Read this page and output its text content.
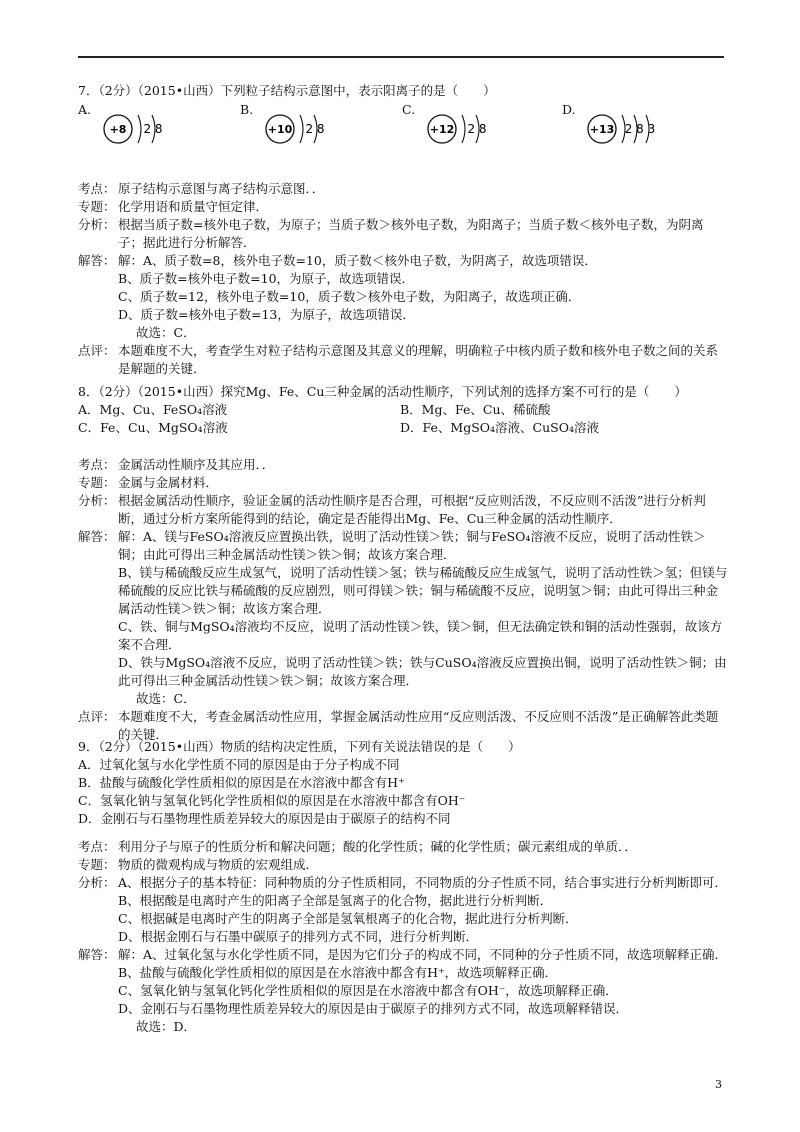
7．（2分）（2015•山西）下列粒子结构示意图中，表示阳离子的是（　　）
A.
+8 2 8
B.
+10 2 8
C.
+12 2 8
D.
+13 2 8 3
考点： 原子结构示意图与离子结构示意图．．
专题： 化学用语和质量守恒定律．
分析： 根据当质子数=核外电子数，为原子；当质子数＞核外电子数，为阳离子；当质子数＜核外电子数，为阴离子；据此进行分析解答．
解答： 解：A、质子数=8，核外电子数=10，质子数＜核外电子数，为阴离子，故选项错误．
B、质子数=核外电子数=10，为原子，故选项错误．
C、质子数=12，核外电子数=10，质子数＞核外电子数，为阳离子，故选项正确．
D、质子数=核外电子数=13，为原子，故选项错误．
故选：C．
点评： 本题难度不大，考查学生对粒子结构示意图及其意义的理解，明确粒子中核内质子数和核外电子数之间的关系是解题的关键．
8．（2分）（2015•山西）探究Mg、Fe、Cu三种金属的活动性顺序，下列试剂的选择方案不可行的是（　　）
A．Mg、Cu、FeSO₄溶液	B．Mg、Fe、Cu、稀硫酸
C．Fe、Cu、MgSO₄溶液	D．Fe、MgSO₄溶液、CuSO₄溶液
考点： 金属活动性顺序及其应用．．
专题： 金属与金属材料．
分析： 根据金属活动性顺序，验证金属的活动性顺序是否合理，可根据“反应则活泼，不反应则不活泼”进行分析判断，通过分析方案所能得到的结论，确定是否能得出Mg、Fe、Cu三种金属的活动性顺序．
解答： 解：A、镁与FeSO₄溶液反应置换出铁，说明了活动性镁＞铁；铜与FeSO₄溶液不反应，说明了活动性铁＞铜；由此可得出三种金属活动性镁＞铁＞铜；故该方案合理．
B、镁与稀硫酸反应生成氢气，说明了活动性镁＞氢；铁与稀硫酸反应生成氢气，说明了活动性铁＞氢；但镁与稀硫酸的反应比铁与稀硫酸的反应剧烈，则可得镁＞铁；铜与稀硫酸不反应，说明氢＞铜；由此可得出三种金属活动性镁＞铁＞铜；故该方案合理．
C、铁、铜与MgSO₄溶液均不反应，说明了活动性镁＞铁，镁＞铜，但无法确定铁和铜的活动性强弱，故该方案不合理．
D、铁与MgSO₄溶液不反应，说明了活动性镁＞铁；铁与CuSO₄溶液反应置换出铜，说明了活动性铁＞铜；由此可得出三种金属活动性镁＞铁＞铜；故该方案合理．
故选：C．
点评： 本题难度不大，考查金属活动性应用，掌握金属活动性应用“反应则活泼、不反应则不活泼”是正确解答此类题的关键．
9．（2分）（2015•山西）物质的结构决定性质，下列有关说法错误的是（　　）
A．过氧化氢与水化学性质不同的原因是由于分子构成不同
B．盐酸与硫酸化学性质相似的原因是在水溶液中都含有H⁺
C．氢氧化钠与氢氧化钙化学性质相似的原因是在水溶液中都含有OH⁻
D．金刚石与石墨物理性质差异较大的原因是由于碳原子的结构不同
考点： 利用分子与原子的性质分析和解决问题；酸的化学性质；碱的化学性质；碳元素组成的单质．．
专题： 物质的微观构成与物质的宏观组成．
分析： A、根据分子的基本特征：同种物质的分子性质相同，不同物质的分子性质不同，结合事实进行分析判断即可．
B、根据酸是电离时产生的阳离子全部是氢离子的化合物，据此进行分析判断．
C、根据碱是电离时产生的阴离子全部是氢氧根离子的化合物，据此进行分析判断．
D、根据金刚石与石墨中碳原子的排列方式不同，进行分析判断．
解答： 解：A、过氧化氢与水化学性质不同，是因为它们分子的构成不同，不同种的分子性质不同，故选项解释正确．
B、盐酸与硫酸化学性质相似的原因是在水溶液中都含有H⁺，故选项解释正确．
C、氢氧化钠与氢氧化钙化学性质相似的原因是在水溶液中都含有OH⁻，故选项解释正确．
D、金刚石与石墨物理性质差异较大的原因是由于碳原子的排列方式不同，故选项解释错误．
故选：D．
3
